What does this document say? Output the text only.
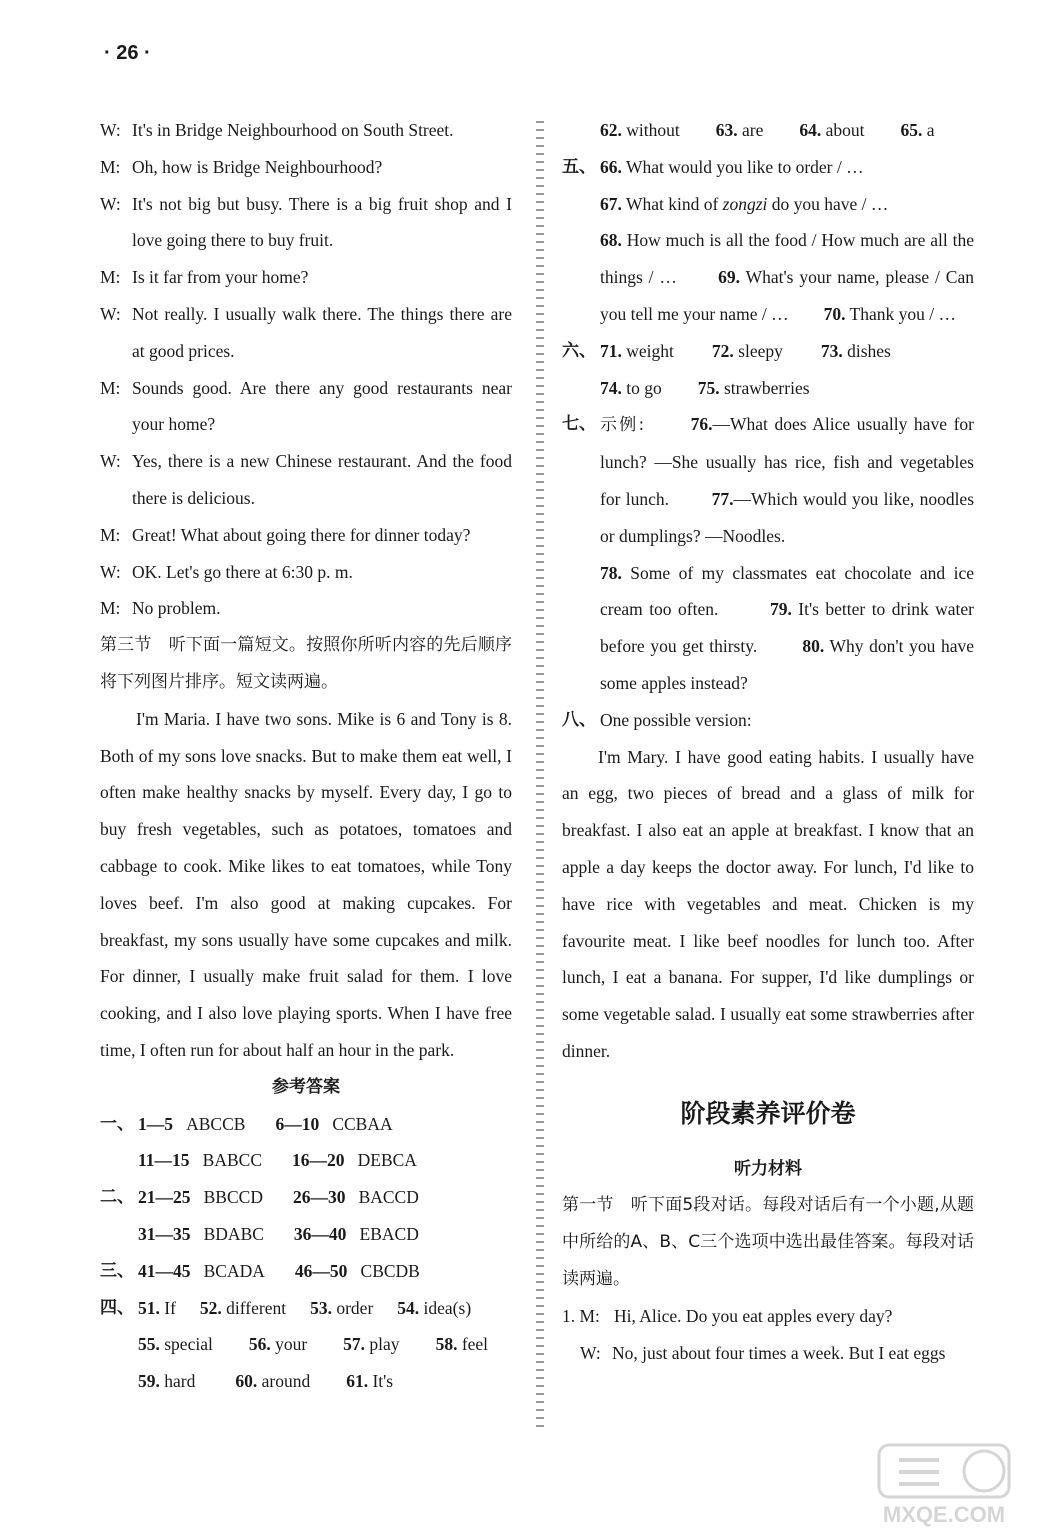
· 26 ·
W: It's in Bridge Neighbourhood on South Street.
M: Oh, how is Bridge Neighbourhood?
W: It's not big but busy. There is a big fruit shop and I love going there to buy fruit.
M: Is it far from your home?
W: Not really. I usually walk there. The things there are at good prices.
M: Sounds good. Are there any good restaurants near your home?
W: Yes, there is a new Chinese restaurant. And the food there is delicious.
M: Great! What about going there for dinner today?
W: OK. Let's go there at 6:30 p. m.
M: No problem.
第三节　听下面一篇短文。按照你所听内容的先后顺序将下列图片排序。短文读两遍。
I'm Maria. I have two sons. Mike is 6 and Tony is 8. Both of my sons love snacks. But to make them eat well, I often make healthy snacks by myself. Every day, I go to buy fresh vegetables, such as potatoes, tomatoes and cabbage to cook. Mike likes to eat tomatoes, while Tony loves beef. I'm also good at making cupcakes. For breakfast, my sons usually have some cupcakes and milk. For dinner, I usually make fruit salad for them. I love cooking, and I also love playing sports. When I have free time, I often run for about half an hour in the park.
参考答案
一、 1—5 ABCCB 6—10 CCBAA
11—15 BABCC 16—20 DEBCA
二、 21—25 BBCCD 26—30 BACCD
31—35 BDABC 36—40 EBACD
三、 41—45 BCADA 46—50 CBCDB
四、 51. If 52. different 53. order 54. idea(s)
55. special 56. your 57. play 58. feel
59. hard 60. around 61. It's
62. without 63. are 64. about 65. a
五、 66. What would you like to order / …
67. What kind of zongzi do you have / …
68. How much is all the food / How much are all the things / … 69. What's your name, please / Can you tell me your name / … 70. Thank you / …
六、 71. weight 72. sleepy 73. dishes
74. to go 75. strawberries
七、 示例:	76.—What does Alice usually have for lunch? —She usually has rice, fish and vegetables for lunch. 77.—Which would you like, noodles or dumplings? —Noodles.
78. Some of my classmates eat chocolate and ice cream too often.	79. It's better to drink water before you get thirsty.	80. Why don't you have some apples instead?
八、 One possible version:
I'm Mary. I have good eating habits. I usually have an egg, two pieces of bread and a glass of milk for breakfast. I also eat an apple at breakfast. I know that an apple a day keeps the doctor away. For lunch, I'd like to have rice with vegetables and meat. Chicken is my favourite meat. I like beef noodles for lunch too. After lunch, I eat a banana. For supper, I'd like dumplings or some vegetable salad. I usually eat some strawberries after dinner.
阶段素养评价卷
听力材料
第一节　听下面5段对话。每段对话后有一个小题,从题中所给的A、B、C三个选项中选出最佳答案。每段对话读两遍。
1. M: Hi, Alice. Do you eat apples every day?
W: No, just about four times a week. But I eat eggs
MXQE.COM
